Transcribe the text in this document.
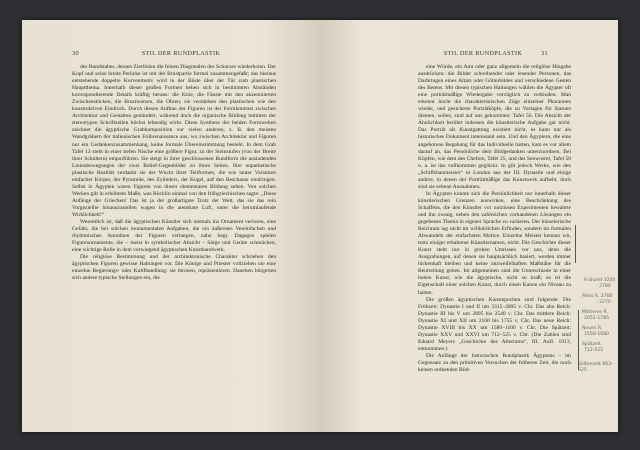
30	STIL DER RUNDPLASTIK

des Rundstabes, dessen Zierlinien die feinen Diagonalen des Schurzes wiederholen. Der Kopf und seine breite Perücke ist mit der Brustpartie formal zusammengefaßt; das hieraus entstehende doppelte Kurvenmotiv wird in der Büste über der Tür zum plastischen Hauptthema. Innerhalb dieser großen Formen heben sich in bestimmten Abständen korrespondierende Details kräftig heraus: die Knie, die Fäuste mit den akzentuierten Zwischenstücken, die Brustwarzen, die Ohren; sie verstärken den plastischen wie den konstruktiven Eindruck. Durch diesen Aufbau der Figuren ist der Formkontrast zwischen Architektur und Gestalten gemindert, während doch die organische Bildung inmitten der stereotypen Schriftzeilen höchst lebendig wirkt. Diese Synthese der beiden Formwelten zeichnet die ägyptische Grabkomposition vor vielen anderen, z. B. den meisten Wandgräbern der italienischen Frührenaissance aus, wo zwischen Architektur und Figuren nur ein Gedankenzusammenhang, keine formale Übereinstimmung besteht. In dem Grab Tafel 13 steht in einer tiefen Nische eine größere Figur, zu der Steinstufen (von der Breite ihrer Schultern) emporführen. Sie steigt in ihrer geschlossenen Rundform die ausladenden Linienbewegungen der zwei Relief-Gegenbilder zu ihren Seiten. Ihre unpathetische plastische Realität verdankt sie der Wucht ihrer Teilformen, die wie lauter Varianten einfacher Körper, der Pyramide, des Zylinders, der Kugel, auf den Beschauer eindringen. Selbst in Ägypten waren Figuren von dieser elementaren Bildung selten. Von solchen Werken gilt in erhöhtem Maße, was Böcklin einmal von den frühgriechischen sagte: „Diese Anfänge der Griechen! Das ist ja der großartigste Trotz der Welt, das sie das rein Vorgeziellte hinauszustellen wagen in die atembare Luft, unter die herumlaufende Wirklichkeit!“

Wesentlich ist, daß die ägyptischen Künstler sich niemals ins Ornament verloren, eine Gefahr, die bei solchen monumentalen Aufgaben, die ein äußerstes Vereinfachen und rhythmisches Anordnen der Figuren verlangen, nahe liegt. Dagegen spielen Figurenornamente, die – meist in symbolischer Absicht – Särge und Geräte schmücken, eine wichtige Rolle in dem vorwiegend ägyptischen Kunsthandwerk.

Die religiöse Bestimmung und der architektonische Charakter schrieben den ägyptischen Figuren gewisse Haltungen vor. Die Könige und Priester vollziehen nie eine einzelne Regierungs- oder Kultfhandlung: sie thronen, repräsentieren. Daneben bürgerten sich andere typische Stellungen ein, die

STIL DER RUNDPLASTIK	31

eine Würde, ein Amt oder ganz allgemein die religiöse Hingabe ausdrücken: die Bilder schreibender oder lesender Personen, das Darbringen eines Altars oder Götterbildes und verschiedene Gesten des Betens. Mit diesen typischen Haltungen wählen die Ägypter oft eine porträtmäßige Wiedergabe vorzüglich zu verbinden. Man erkennt leicht die charakteristischen Züge einzelner Pharaonen wieder, und gesicherte Porträtköpfe, die zu Vorlagen für Statuen dienten, sollen, sind auf uns gekommen: Tafel 56. Die Absicht der Ähnlichkeit berührt indessen die künstlerische Aufgabe gar nicht. Das Porträt als Kunstgattung existiert nicht, es kann nur als historisches Dokument interessant sein. Und den Ägyptern, die eine angeborene Begabung für das Individuelle hatten, kam es vor allem darauf an, das Persönliche dem Bildgedanken unterzuordnen. Bei Köpfen, wie dem des Chefren, Tafel 25, und des Senwosret, Tafel 50 u. a. ist das vollkommen geglückt. In gilt jedoch Werke, wie den „Schiffsbaumeister“ in London aus der III. Dynastie und einige andere, in denen der Porträtmäßige das Kunstwerk aufhebt, doch sind sie seltene Ausnahmen.

In Ägypten konnte sich die Persönlichkeit nur innerhalb dieser künstlerischen Grenzen auswirken, eine Beschränkung des Schaffens, die den Künstler vor nutzlosen Experimenten bewahrte und ihn zwang, neben den zahlreichen vorhandenen Lösungen ein gegebenes Thema in eigener Sprache zu variieren. Der künstlerische Reichtum lag nicht im willkürlichen Erfinden, sondern im formalen Abwandeln der einfachsten Motive. Einzelne Meister kennen wir, trotz einiger erhaltener Künstlernamen, nicht. Die Geschichte dieser Kunst steht nur in groben Umrissen vor uns, denn die Ausgrabungen, auf denen sie hauptsächlich basiert, werden immer lückenhaft bleiben und keine unzweifelhaften Maßstäbe für die Beurteilung geben. Im allgemeinen sind die Unterschiede in einer hohen Kunst, wie die ägyptische, nicht so kraß; es ist die Eigenschaft einer solchen Kunst, durch einen Kanon ein Niveau zu halten.

Die großen ägyptischen Kunstepochen sind folgende: Die Frühzeit: Dynastie I und II um 3315–2895 v. Chr. Das alte Reich: Dynastie III bis V um 2895 bis 2540 v. Chr. Das mittlere Reich: Dynastie XI und XII um 2160 bis 1755 v. Chr. Das neue Reich: Dynastie XVIII bis XX um 1580–1100 v. Chr. Die Spätzeit: Dynastie XXV und XXVI um 712–525 v. Chr. (Die Zahlen sind Eduard Meyers „Geschichte des Altertums“, III. Aufl. 1913, entnommen.)

Die Anfänge der historischen Rundplastik Ägyptens – im Gegensatz zu den primitiven Versuchen der früheren Zeit, die noch keinen ordnenden Bild-

Frühzeit 3200
- 2780
Altes R. 2780
- 2270
Mittleres R.
2052-1785
Neues R.
1550-1080
Spätzeit
712-525
Saïtenzeit 663-525
